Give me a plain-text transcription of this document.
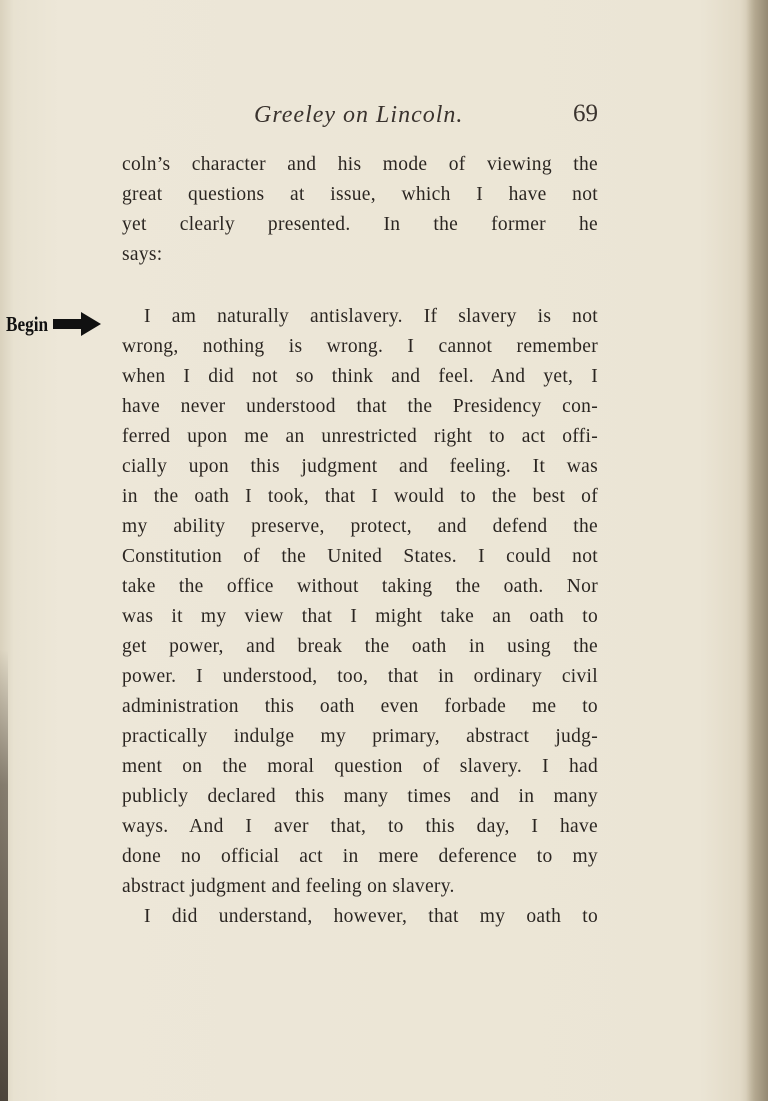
Greeley on Lincoln.	69
Begin
coln’s character and his mode of viewing the
great questions at issue, which I have not
yet clearly presented. In the former he
says:
I am naturally antislavery. If slavery is not
wrong, nothing is wrong. I cannot remember
when I did not so think and feel. And yet, I
have never understood that the Presidency con-
ferred upon me an unrestricted right to act offi-
cially upon this judgment and feeling. It was
in the oath I took, that I would to the best of
my ability preserve, protect, and defend the
Constitution of the United States. I could not
take the office without taking the oath. Nor
was it my view that I might take an oath to
get power, and break the oath in using the
power. I understood, too, that in ordinary civil
administration this oath even forbade me to
practically indulge my primary, abstract judg-
ment on the moral question of slavery. I had
publicly declared this many times and in many
ways. And I aver that, to this day, I have
done no official act in mere deference to my
abstract judgment and feeling on slavery.
I did understand, however, that my oath to
